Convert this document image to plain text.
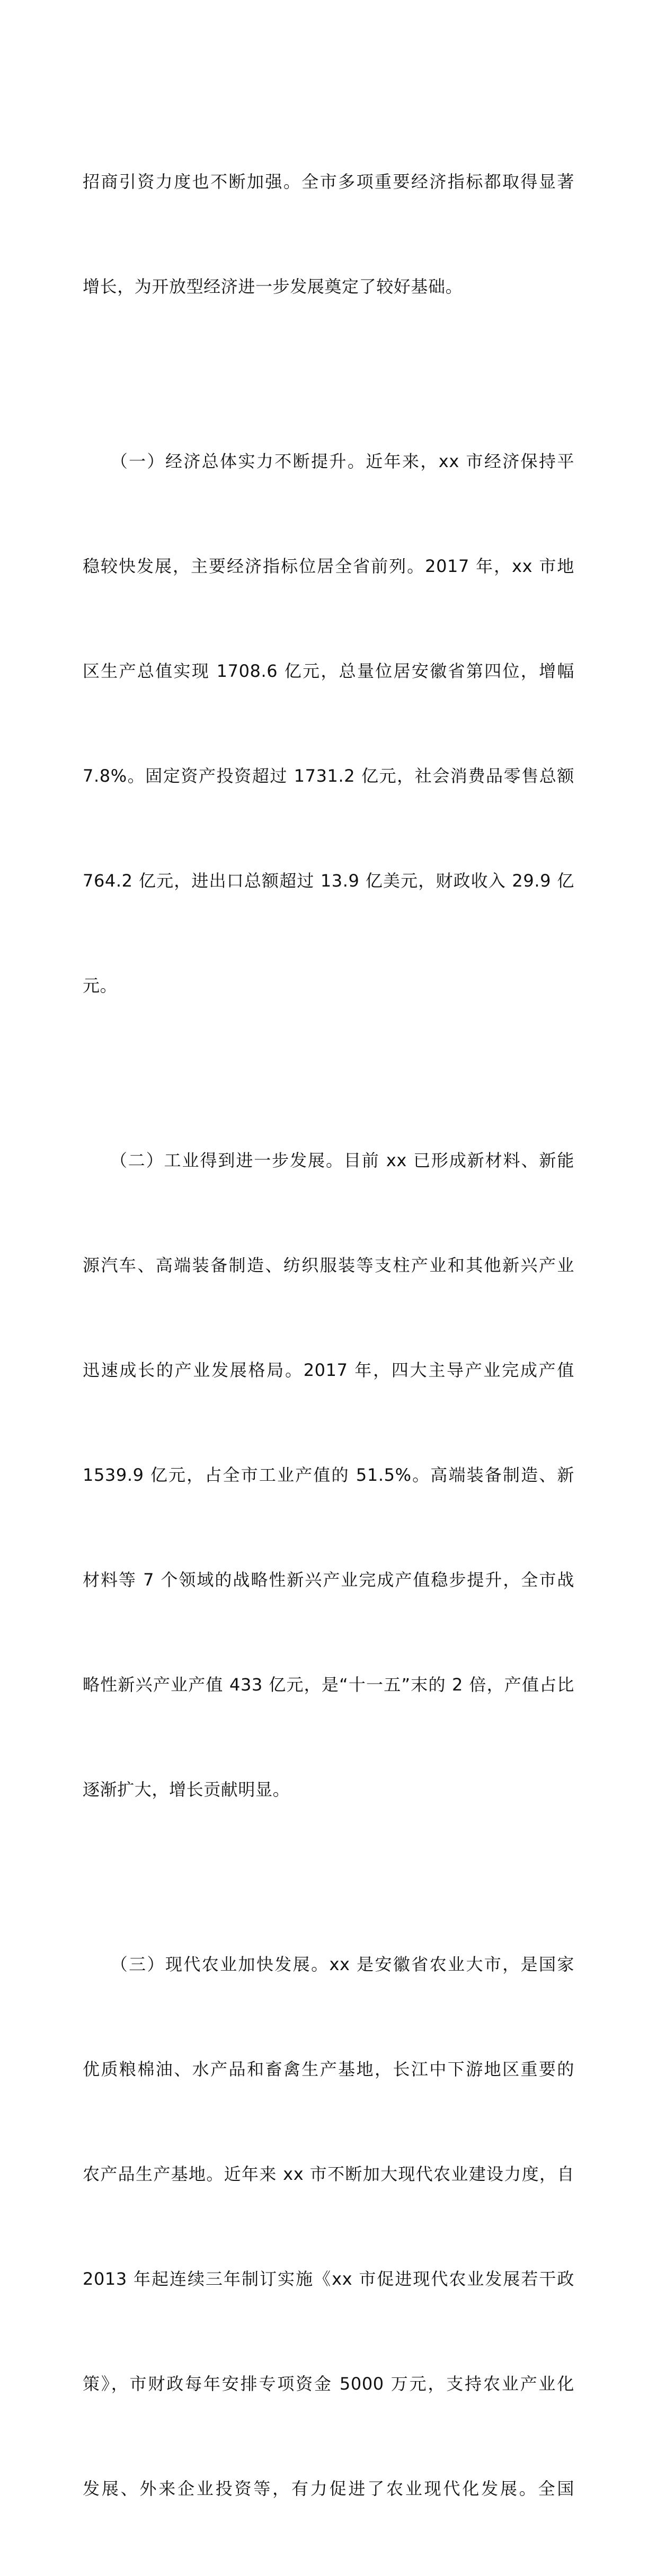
招商引资力度也不断加强。全市多项重要经济指标都取得显著

增长，为开放型经济进一步发展奠定了较好基础。

　　（一）经济总体实力不断提升。近年来，xx 市经济保持平

稳较快发展，主要经济指标位居全省前列。2017 年，xx 市地

区生产总值实现 1708.6 亿元，总量位居安徽省第四位，增幅

7.8%。固定资产投资超过 1731.2 亿元，社会消费品零售总额

764.2 亿元，进出口总额超过 13.9 亿美元，财政收入 29.9 亿

元。

　　（二）工业得到进一步发展。目前 xx 已形成新材料、新能

源汽车、高端装备制造、纺织服装等支柱产业和其他新兴产业

迅速成长的产业发展格局。2017 年，四大主导产业完成产值

1539.9 亿元，占全市工业产值的 51.5%。高端装备制造、新

材料等 7 个领域的战略性新兴产业完成产值稳步提升，全市战

略性新兴产业产值 433 亿元，是“十一五”末的 2 倍，产值占比

逐渐扩大，增长贡献明显。

　　（三）现代农业加快发展。xx 是安徽省农业大市，是国家

优质粮棉油、水产品和畜禽生产基地，长江中下游地区重要的

农产品生产基地。近年来 xx 市不断加大现代农业建设力度，自

2013 年起连续三年制订实施《xx 市促进现代农业发展若干政

策》，市财政每年安排专项资金 5000 万元，支持农业产业化

发展、外来企业投资等，有力促进了农业现代化发展。全国
